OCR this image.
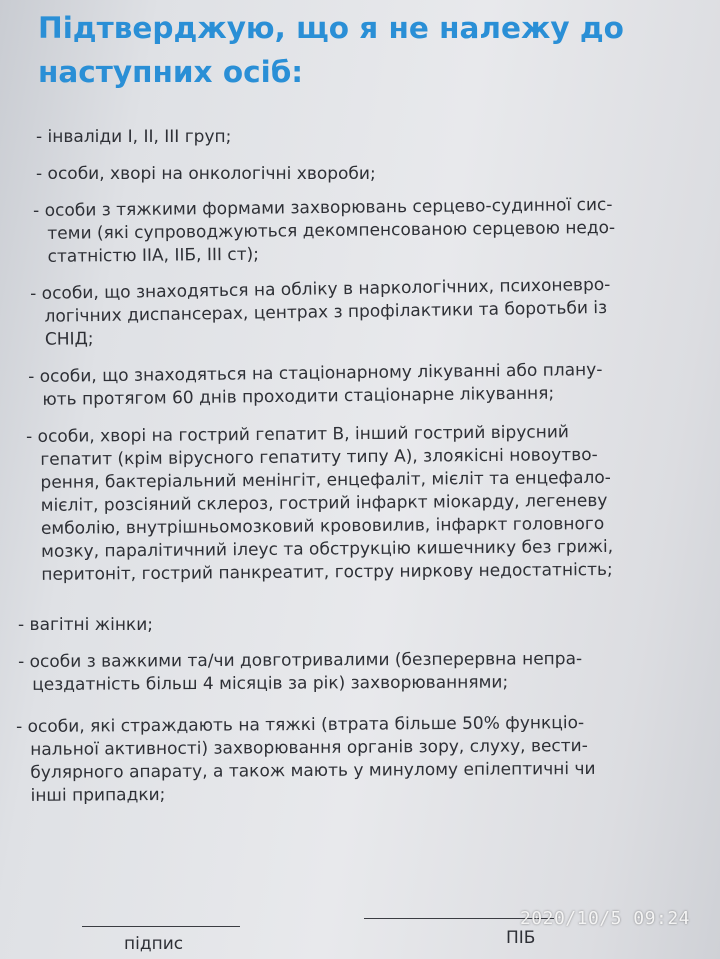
Підтверджую, що я не належу до
наступних осіб:
- інваліди І, ІІ, ІІІ груп;
- особи, хворі на онкологічні хвороби;
- особи з тяжкими формами захворювань серцево-судинної сис-
теми (які супроводжуються декомпенсованою серцевою недо-
статністю ІІА, ІІБ, ІІІ ст);
- особи, що знаходяться на обліку в наркологічних, психоневро-
логічних диспансерах, центрах з профілактики та боротьби із
СНІД;
- особи, що знаходяться на стаціонарному лікуванні або плану-
ють протягом 60 днів проходити стаціонарне лікування;
- особи, хворі на гострий гепатит В, інший гострий вірусний
гепатит (крім вірусного гепатиту типу А), злоякісні новоутво-
рення, бактеріальний менінгіт, енцефаліт, мієліт та енцефало-
мієліт, розсіяний склероз, гострий інфаркт міокарду, легеневу
емболію, внутрішньомозковий крововилив, інфаркт головного
мозку, паралітичний ілеус та обструкцію кишечнику без грижі,
перитоніт, гострий панкреатит, гостру ниркову недостатність;
- вагітні жінки;
- особи з важкими та/чи довготривалими (безперервна непра-
цездатність більш 4 місяців за рік) захворюваннями;
- особи, які страждають на тяжкі (втрата більше 50% функціо-
нальної активності) захворювання органів зору, слуху, вести-
булярного апарату, а також мають у минулому епілептичні чи
інші припадки;
підпис	ПІБ
2020/10/5 09:24
